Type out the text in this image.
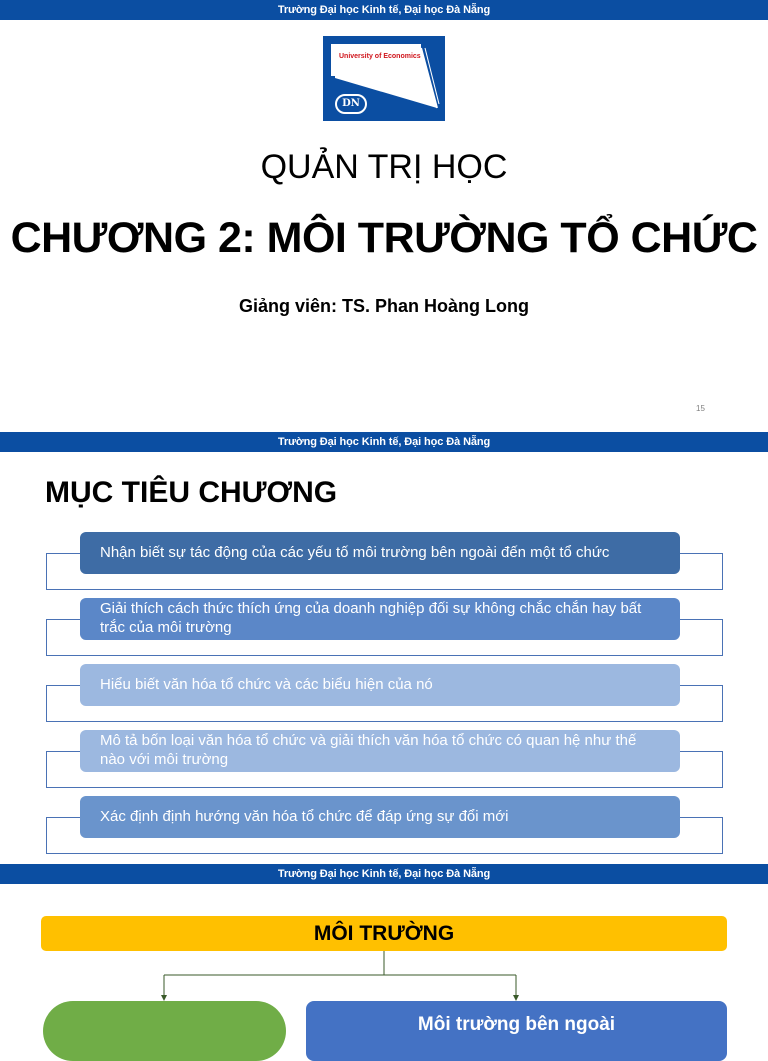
Trường Đại học Kinh tế, Đại học Đà Nẵng
University of Economics
DN
QUẢN TRỊ HỌC
CHƯƠNG 2: MÔI TRƯỜNG TỔ CHỨC
Giảng viên: TS. Phan Hoàng Long
15
Trường Đại học Kinh tế, Đại học Đà Nẵng
MỤC TIÊU CHƯƠNG
Nhận biết sự tác động của các yếu tố môi trường bên ngoài đến một tổ chức
Giải thích cách thức thích ứng của doanh nghiệp đối sự không chắc chắn hay bất trắc của môi trường
Hiểu biết văn hóa tổ chức và các biểu hiện của nó
Mô tả bốn loại văn hóa tổ chức và giải thích văn hóa tổ chức có quan hệ như thế nào với môi trường
Xác định định hướng văn hóa tổ chức để đáp ứng sự đổi mới
Trường Đại học Kinh tế, Đại học Đà Nẵng
MÔI TRƯỜNG
Môi trường bên ngoài
